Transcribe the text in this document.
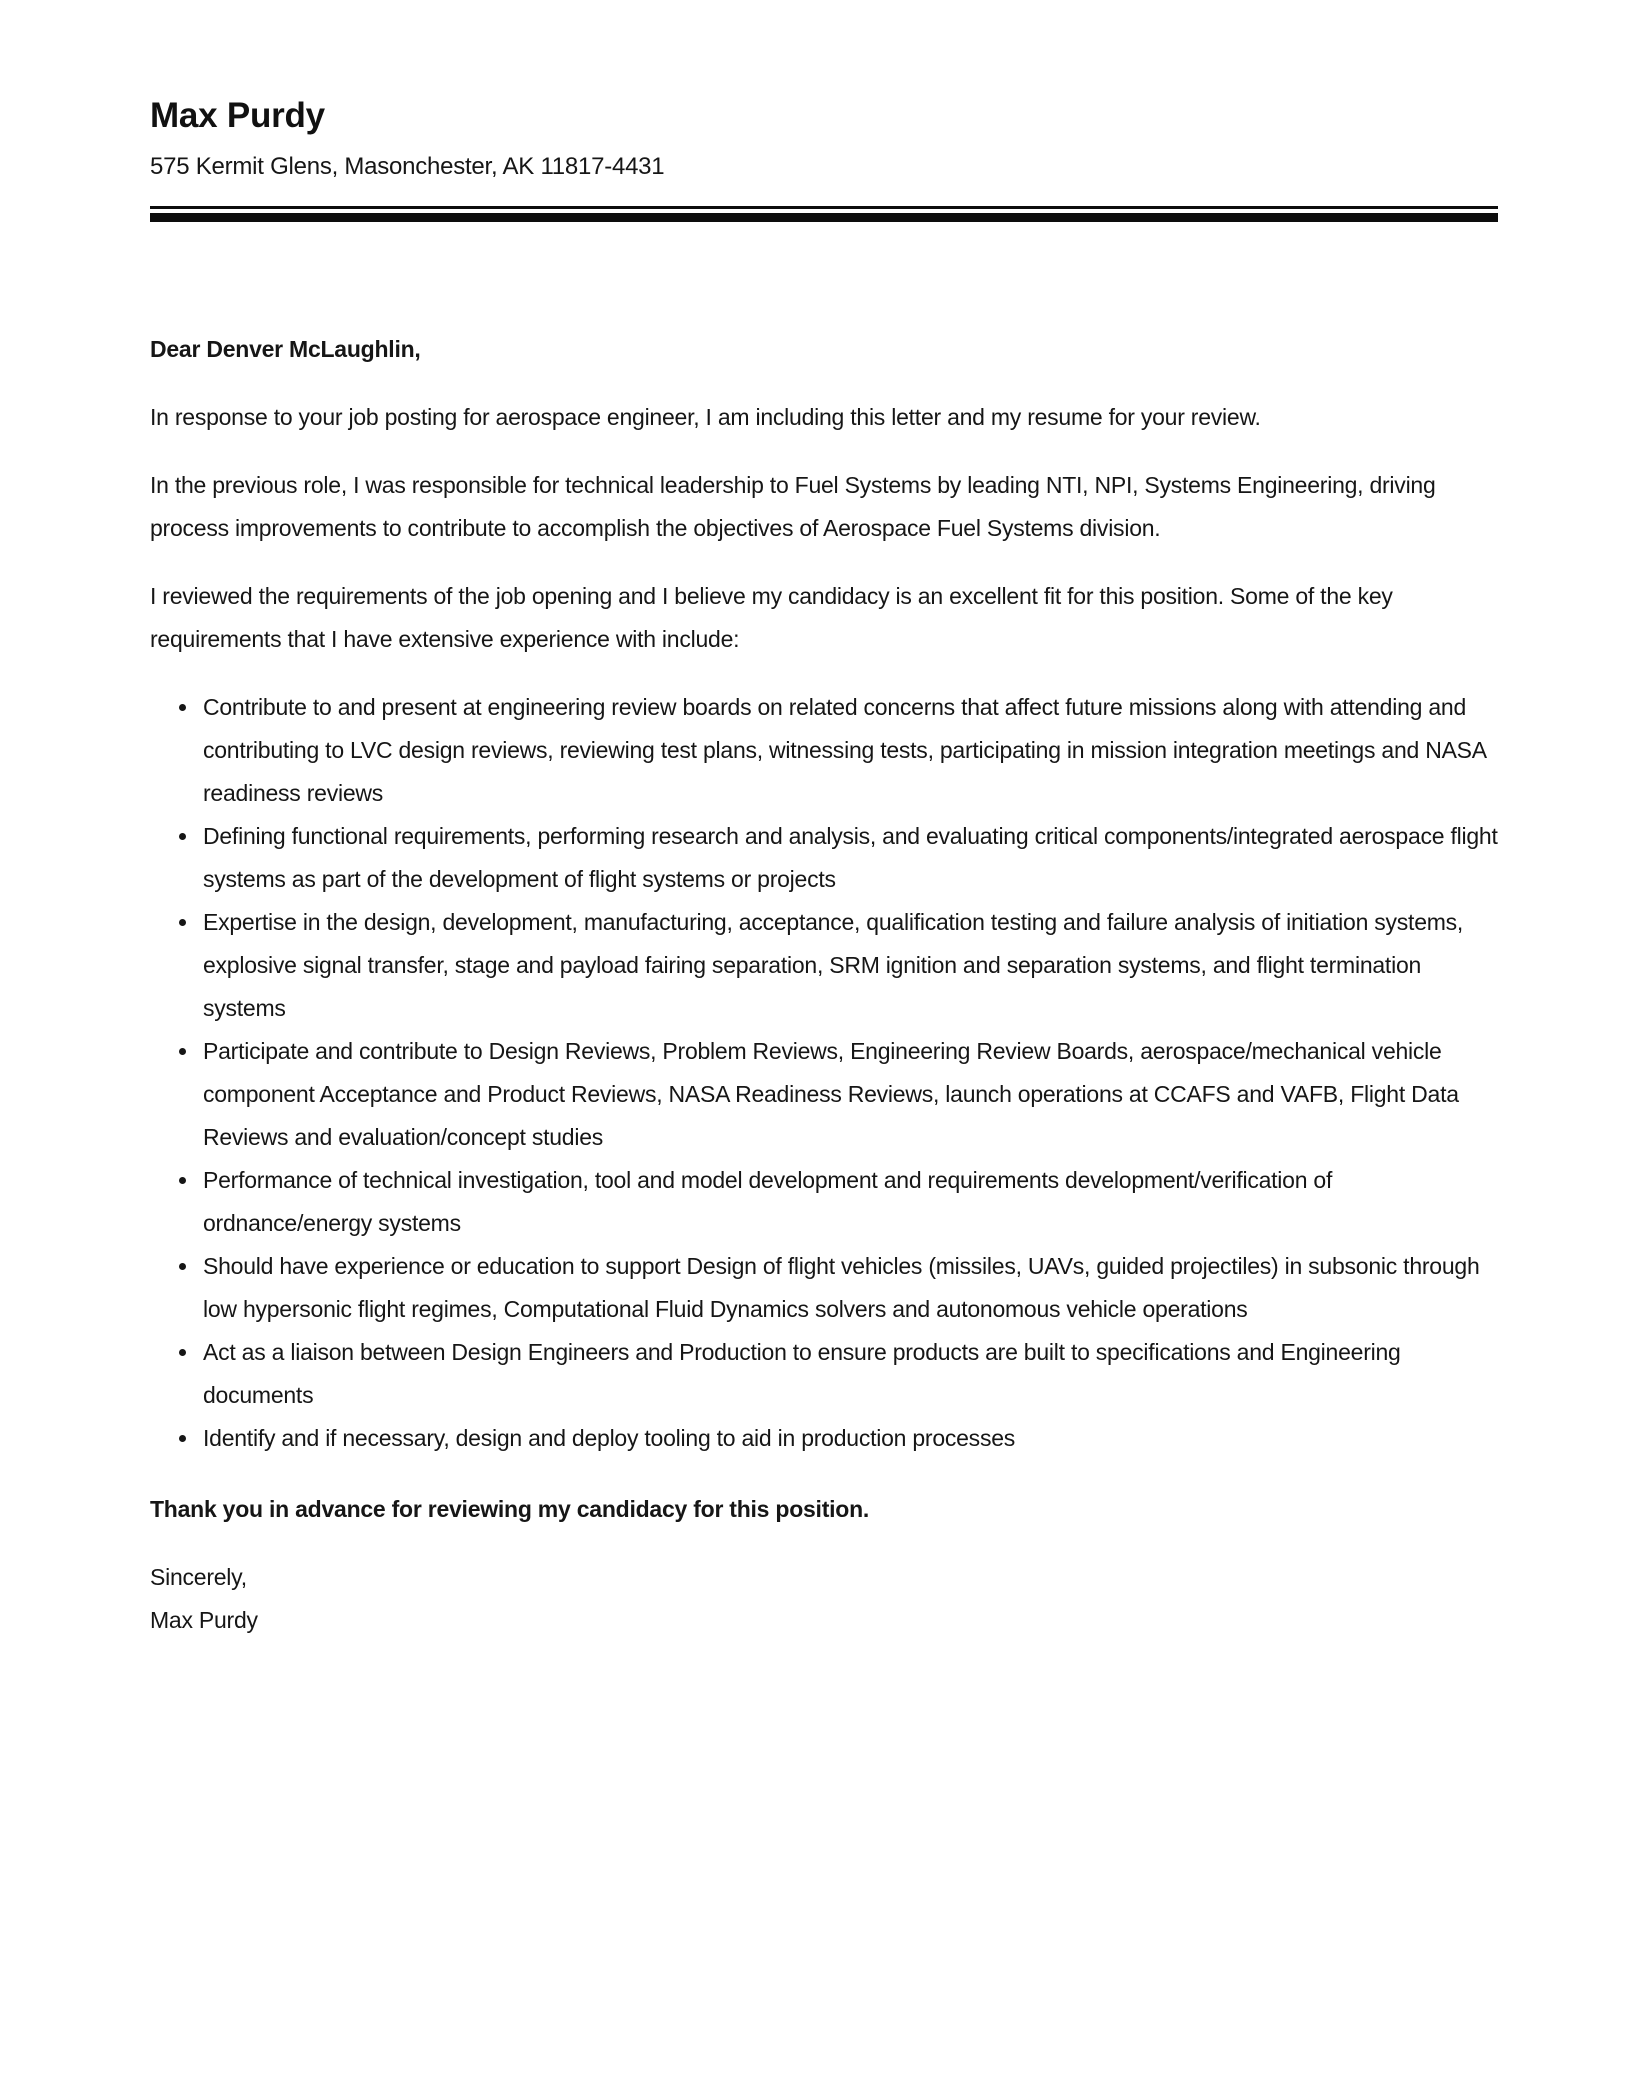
Max Purdy
575 Kermit Glens, Masonchester, AK 11817-4431

Dear Denver McLaughlin,

In response to your job posting for aerospace engineer, I am including this letter and my resume for your review.

In the previous role, I was responsible for technical leadership to Fuel Systems by leading NTI, NPI, Systems Engineering, driving process improvements to contribute to accomplish the objectives of Aerospace Fuel Systems division.

I reviewed the requirements of the job opening and I believe my candidacy is an excellent fit for this position. Some of the key requirements that I have extensive experience with include:

• Contribute to and present at engineering review boards on related concerns that affect future missions along with attending and contributing to LVC design reviews, reviewing test plans, witnessing tests, participating in mission integration meetings and NASA readiness reviews
• Defining functional requirements, performing research and analysis, and evaluating critical components/integrated aerospace flight systems as part of the development of flight systems or projects
• Expertise in the design, development, manufacturing, acceptance, qualification testing and failure analysis of initiation systems, explosive signal transfer, stage and payload fairing separation, SRM ignition and separation systems, and flight termination systems
• Participate and contribute to Design Reviews, Problem Reviews, Engineering Review Boards, aerospace/mechanical vehicle component Acceptance and Product Reviews, NASA Readiness Reviews, launch operations at CCAFS and VAFB, Flight Data Reviews and evaluation/concept studies
• Performance of technical investigation, tool and model development and requirements development/verification of ordnance/energy systems
• Should have experience or education to support Design of flight vehicles (missiles, UAVs, guided projectiles) in subsonic through low hypersonic flight regimes, Computational Fluid Dynamics solvers and autonomous vehicle operations
• Act as a liaison between Design Engineers and Production to ensure products are built to specifications and Engineering documents
• Identify and if necessary, design and deploy tooling to aid in production processes

Thank you in advance for reviewing my candidacy for this position.

Sincerely,
Max Purdy
